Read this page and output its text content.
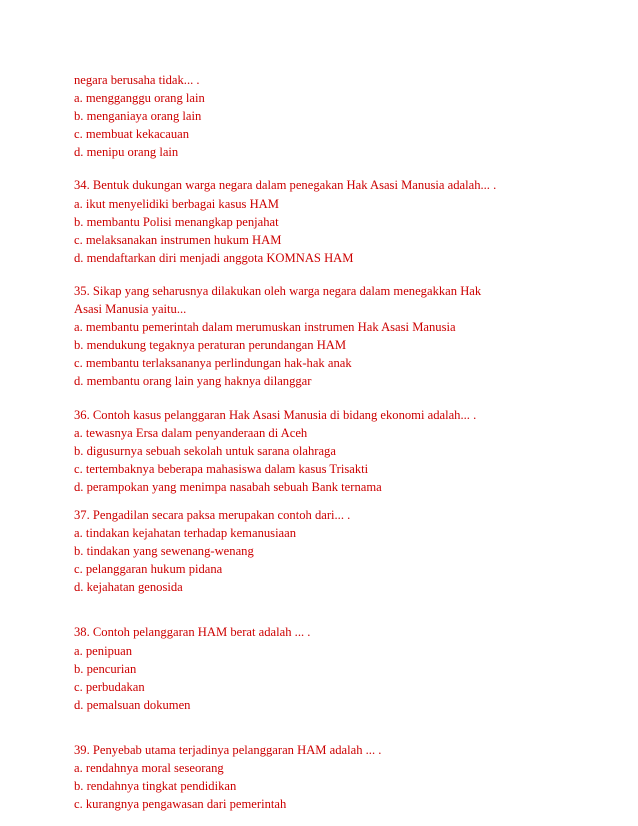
negara berusaha tidak... .
a. mengganggu orang lain
b. menganiaya orang lain
c. membuat kekacauan
d. menipu orang lain
34. Bentuk dukungan warga negara dalam penegakan Hak Asasi Manusia adalah... .
a. ikut menyelidiki berbagai kasus HAM
b. membantu Polisi menangkap penjahat
c. melaksanakan instrumen hukum HAM
d. mendaftarkan diri menjadi anggota KOMNAS HAM
35. Sikap yang seharusnya dilakukan oleh warga negara dalam menegakkan Hak
Asasi Manusia yaitu...
a. membantu pemerintah dalam merumuskan instrumen Hak Asasi Manusia
b. mendukung tegaknya peraturan perundangan HAM
c. membantu terlaksananya perlindungan hak-hak anak
d. membantu orang lain yang haknya dilanggar
36. Contoh kasus pelanggaran Hak Asasi Manusia di bidang ekonomi adalah... .
a. tewasnya Ersa dalam penyanderaan di Aceh
b. digusurnya sebuah sekolah untuk sarana olahraga
c. tertembaknya beberapa mahasiswa dalam kasus Trisakti
d. perampokan yang menimpa nasabah sebuah Bank ternama
37. Pengadilan secara paksa merupakan contoh dari... .
a. tindakan kejahatan terhadap kemanusiaan
b. tindakan yang sewenang-wenang
c. pelanggaran hukum pidana
d. kejahatan genosida
38. Contoh pelanggaran HAM berat adalah ... .
a. penipuan
b. pencurian
c. perbudakan
d. pemalsuan dokumen
39. Penyebab utama terjadinya pelanggaran HAM adalah ... .
a. rendahnya moral seseorang
b. rendahnya tingkat pendidikan
c. kurangnya pengawasan dari pemerintah
